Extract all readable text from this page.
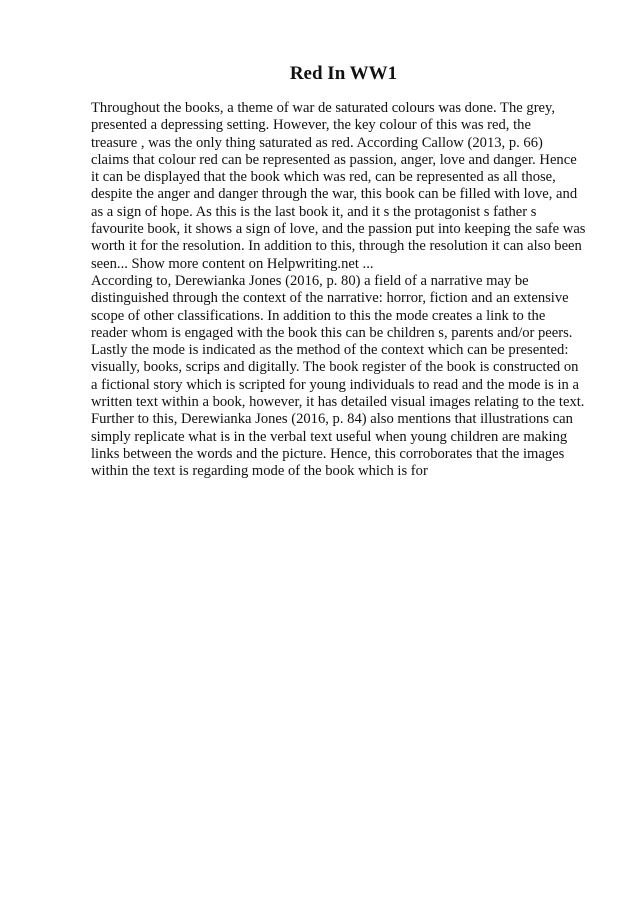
Red In WW1

Throughout the books, a theme of war de saturated colours was done. The grey,
presented a depressing setting. However, the key colour of this was red, the
treasure , was the only thing saturated as red. According Callow (2013, p. 66)
claims that colour red can be represented as passion, anger, love and danger. Hence
it can be displayed that the book which was red, can be represented as all those,
despite the anger and danger through the war, this book can be filled with love, and
as a sign of hope. As this is the last book it, and it s the protagonist s father s
favourite book, it shows a sign of love, and the passion put into keeping the safe was
worth it for the resolution. In addition to this, through the resolution it can also been
seen... Show more content on Helpwriting.net ...

According to, Derewianka Jones (2016, p. 80) a field of a narrative may be
distinguished through the context of the narrative: horror, fiction and an extensive
scope of other classifications. In addition to this the mode creates a link to the
reader whom is engaged with the book this can be children s, parents and/or peers.
Lastly the mode is indicated as the method of the context which can be presented:
visually, books, scrips and digitally. The book register of the book is constructed on
a fictional story which is scripted for young individuals to read and the mode is in a
written text within a book, however, it has detailed visual images relating to the text.
Further to this, Derewianka Jones (2016, p. 84) also mentions that illustrations can
simply replicate what is in the verbal text useful when young children are making
links between the words and the picture. Hence, this corroborates that the images
within the text is regarding mode of the book which is for
